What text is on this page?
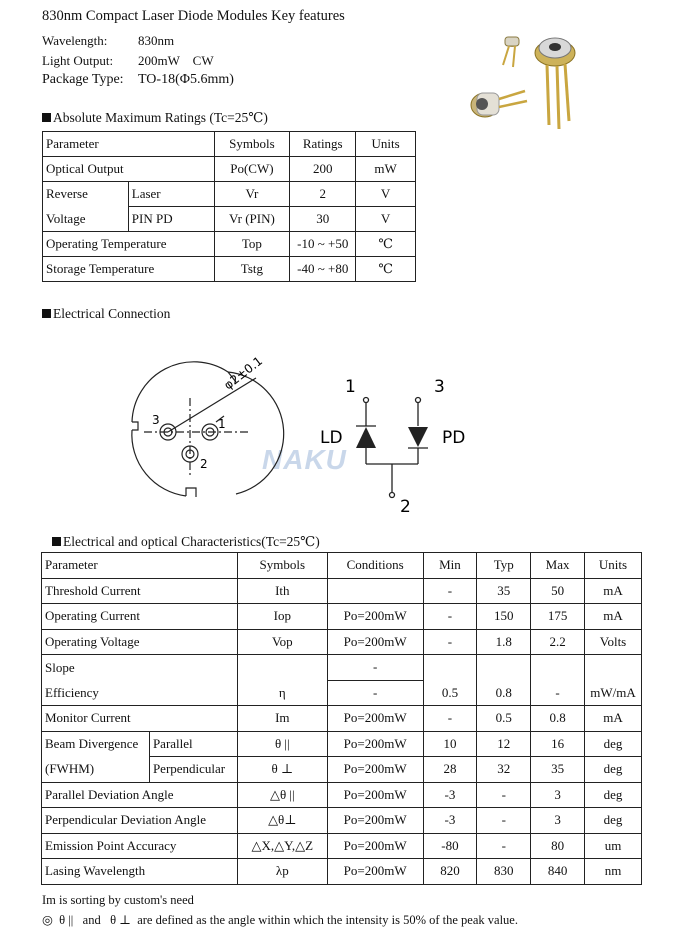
830nm Compact Laser Diode Modules Key features
Wavelength: 830nm
Light Output: 200mW    CW
Package Type: TO-18(Φ5.6mm)
Absolute Maximum Ratings (Tc=25℃)
Parameter		Symbols	Ratings	Units
Optical Output		Po(CW)	200	mW
Reverse	Laser	Vr	2	V
Voltage	PIN PD	Vr (PIN)	30	V
Operating Temperature		Top	-10 ~ +50	℃
Storage Temperature		Tstg	-40 ~ +80	℃
Electrical Connection
NAKU
φ2±0.1
3	1
2
1	3
2
LD	PD
Electrical and optical Characteristics(Tc=25℃)
Parameter		Symbols	Conditions	Min	Typ	Max	Units
Threshold Current		Ith		-	35	50	mA
Operating Current		Iop	Po=200mW	-	150	175	mA
Operating Voltage		Vop	Po=200mW	-	1.8	2.2	Volts
Slope			-				
Efficiency		η	-	0.5	0.8	-	mW/mA
Monitor Current		Im	Po=200mW	-	0.5	0.8	mA
Beam Divergence	Parallel	θ ||	Po=200mW	10	12	16	deg
(FWHM)	Perpendicular	θ ⊥	Po=200mW	28	32	35	deg
Parallel Deviation Angle		△θ ||	Po=200mW	-3	-	3	deg
Perpendicular Deviation Angle		△θ⊥	Po=200mW	-3	-	3	deg
Emission Point Accuracy		△X,△Y,△Z	Po=200mW	-80	-	80	um
Lasing Wavelength		λp	Po=200mW	820	830	840	nm
Im is sorting by custom's need
◎  θ ||   and   θ ⊥  are defined as the angle within which the intensity is 50% of the peak value.
